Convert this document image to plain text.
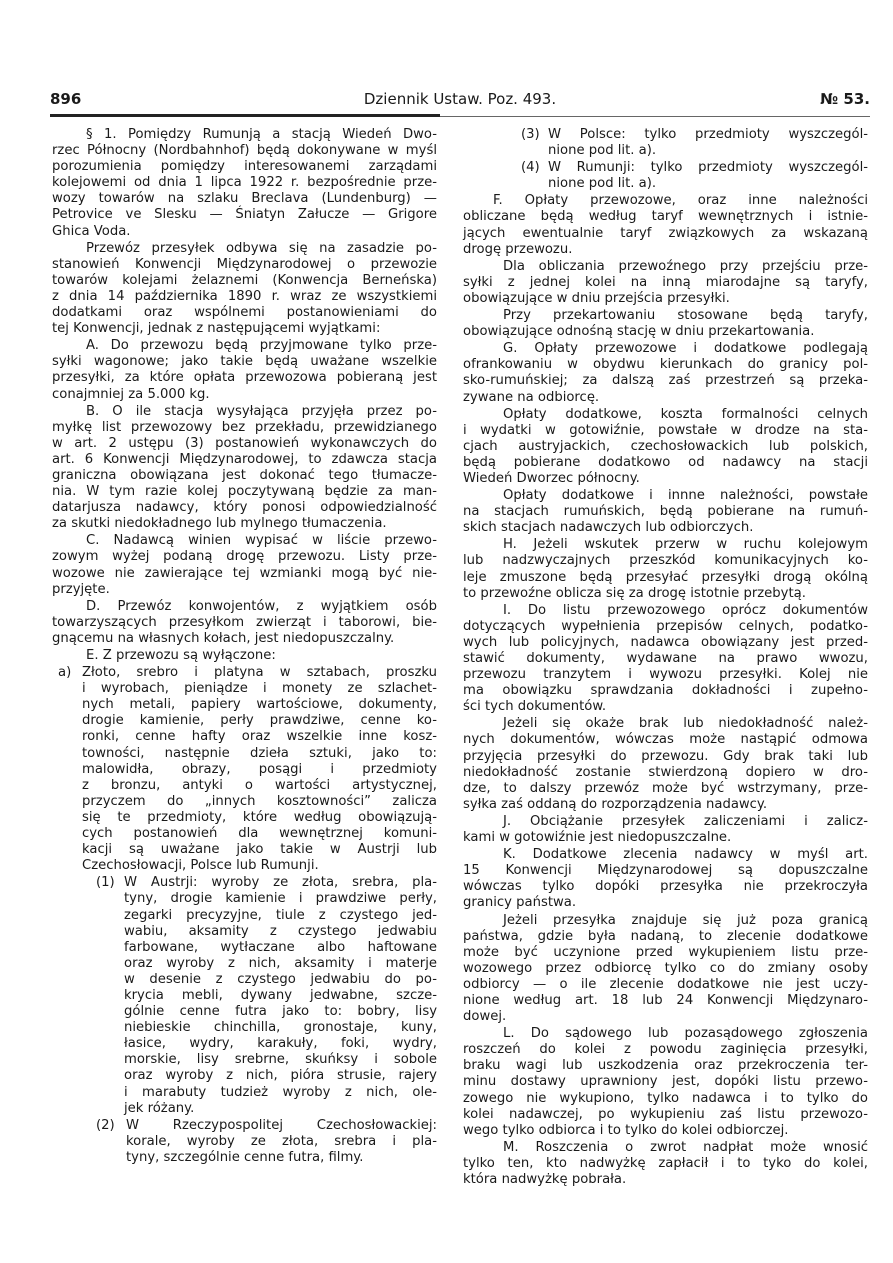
896	Dziennik Ustaw. Poz. 493.	№ 53.
§ 1. Pomiędzy Rumunją a stacją Wiedeń Dwo-
rzec Północny (Nordbahnhof) będą dokonywane w myśl
porozumienia pomiędzy interesowanemi zarządami
kolejowemi od dnia 1 lipca 1922 r. bezpośrednie prze-
wozy towarów na szlaku Breclava (Lundenburg) —
Petrovice ve Slesku — Śniatyn Załucze — Grigore
Ghica Voda.
Przewóz przesyłek odbywa się na zasadzie po-
stanowień Konwencji Międzynarodowej o przewozie
towarów kolejami żelaznemi (Konwencja Berneńska)
z dnia 14 października 1890 r. wraz ze wszystkiemi
dodatkami oraz wspólnemi postanowieniami do
tej Konwencji, jednak z następującemi wyjątkami:
A. Do przewozu będą przyjmowane tylko prze-
syłki wagonowe; jako takie będą uważane wszelkie
przesyłki, za które opłata przewozowa pobieraną jest
conajmniej za 5.000 kg.
B. O ile stacja wysyłająca przyjęła przez po-
myłkę list przewozowy bez przekładu, przewidzianego
w art. 2 ustępu (3) postanowień wykonawczych do
art. 6 Konwencji Międzynarodowej, to zdawcza stacja
graniczna obowiązana jest dokonać tego tłumacze-
nia. W tym razie kolej poczytywaną będzie za man-
datarjusza nadawcy, który ponosi odpowiedzialność
za skutki niedokładnego lub mylnego tłumaczenia.
C. Nadawcą winien wypisać w liście przewo-
zowym wyżej podaną drogę przewozu. Listy prze-
wozowe nie zawierające tej wzmianki mogą być nie-
przyjęte.
D. Przewóz konwojentów, z wyjątkiem osób
towarzyszących przesyłkom zwierząt i taborowi, bie-
gnącemu na własnych kołach, jest niedopuszczalny.
E. Z przewozu są wyłączone:
a) Złoto, srebro i platyna w sztabach, proszku
i wyrobach, pieniądze i monety ze szlachet-
nych metali, papiery wartościowe, dokumenty,
drogie kamienie, perły prawdziwe, cenne ko-
ronki, cenne hafty oraz wszelkie inne kosz-
towności, następnie dzieła sztuki, jako to:
malowidła, obrazy, posągi i przedmioty
z bronzu, antyki o wartości artystycznej,
przyczem do „innych kosztowności” zalicza
się te przedmioty, które według obowiązują-
cych postanowień dla wewnętrznej komuni-
kacji są uważane jako takie w Austrji lub
Czechosłowacji, Polsce lub Rumunji.
(1) W Austrji: wyroby ze złota, srebra, pla-
tyny, drogie kamienie i prawdziwe perły,
zegarki precyzyjne, tiule z czystego jed-
wabiu, aksamity z czystego jedwabiu
farbowane, wytłaczane albo haftowane
oraz wyroby z nich, aksamity i materje
w desenie z czystego jedwabiu do po-
krycia mebli, dywany jedwabne, szcze-
gólnie cenne futra jako to: bobry, lisy
niebieskie chinchilla, gronostaje, kuny,
łasice, wydry, karakuły, foki, wydry,
morskie, lisy srebrne, skuńksy i sobole
oraz wyroby z nich, pióra strusie, rajery
i marabuty tudzież wyroby z nich, ole-
jek różany.
(2) W Rzeczypospolitej Czechosłowackiej:
korale, wyroby ze złota, srebra i pla-
tyny, szczególnie cenne futra, filmy.
(3) W Polsce: tylko przedmioty wyszczegól-
nione pod lit. a).
(4) W Rumunji: tylko przedmioty wyszczegól-
nione pod lit. a).
F. Opłaty przewozowe, oraz inne należności
obliczane będą według taryf wewnętrznych i istnie-
jących ewentualnie taryf związkowych za wskazaną
drogę przewozu.
Dla obliczania przewoźnego przy przejściu prze-
syłki z jednej kolei na inną miarodajne są taryfy,
obowiązujące w dniu przejścia przesyłki.
Przy przekartowaniu stosowane będą taryfy,
obowiązujące odnośną stację w dniu przekartowania.
G. Opłaty przewozowe i dodatkowe podlegają
ofrankowaniu w obydwu kierunkach do granicy pol-
sko-rumuńskiej; za dalszą zaś przestrzeń są przeka-
zywane na odbiorcę.
Opłaty dodatkowe, koszta formalności celnych
i wydatki w gotowiźnie, powstałe w drodze na sta-
cjach austryjackich, czechosłowackich lub polskich,
będą pobierane dodatkowo od nadawcy na stacji
Wiedeń Dworzec północny.
Opłaty dodatkowe i innne należności, powstałe
na stacjach rumuńskich, będą pobierane na rumuń-
skich stacjach nadawczych lub odbiorczych.
H. Jeżeli wskutek przerw w ruchu kolejowym
lub nadzwyczajnych przeszkód komunikacyjnych ko-
leje zmuszone będą przesyłać przesyłki drogą okólną
to przewoźne oblicza się za drogę istotnie przebytą.
I. Do listu przewozowego oprócz dokumentów
dotyczących wypełnienia przepisów celnych, podatko-
wych lub policyjnych, nadawca obowiązany jest przed-
stawić dokumenty, wydawane na prawo wwozu,
przewozu tranzytem i wywozu przesyłki. Kolej nie
ma obowiązku sprawdzania dokładności i zupełno-
ści tych dokumentów.
Jeżeli się okaże brak lub niedokładność należ-
nych dokumentów, wówczas może nastąpić odmowa
przyjęcia przesyłki do przewozu. Gdy brak taki lub
niedokładność zostanie stwierdzoną dopiero w dro-
dze, to dalszy przewóz może być wstrzymany, prze-
syłka zaś oddaną do rozporządzenia nadawcy.
J. Obciążanie przesyłek zaliczeniami i zalicz-
kami w gotowiźnie jest niedopuszczalne.
K. Dodatkowe zlecenia nadawcy w myśl art.
15 Konwencji Międzynarodowej są dopuszczalne
wówczas tylko dopóki przesyłka nie przekroczyła
granicy państwa.
Jeżeli przesyłka znajduje się już poza granicą
państwa, gdzie była nadaną, to zlecenie dodatkowe
może być uczynione przed wykupieniem listu prze-
wozowego przez odbiorcę tylko co do zmiany osoby
odbiorcy — o ile zlecenie dodatkowe nie jest uczy-
nione według art. 18 lub 24 Konwencji Międzynaro-
dowej.
L. Do sądowego lub pozasądowego zgłoszenia
roszczeń do kolei z powodu zaginięcia przesyłki,
braku wagi lub uszkodzenia oraz przekroczenia ter-
minu dostawy uprawniony jest, dopóki listu przewo-
zowego nie wykupiono, tylko nadawca i to tylko do
kolei nadawczej, po wykupieniu zaś listu przewozo-
wego tylko odbiorca i to tylko do kolei odbiorczej.
M. Roszczenia o zwrot nadpłat może wnosić
tylko ten, kto nadwyżkę zapłacił i to tyko do kolei,
która nadwyżkę pobrała.
